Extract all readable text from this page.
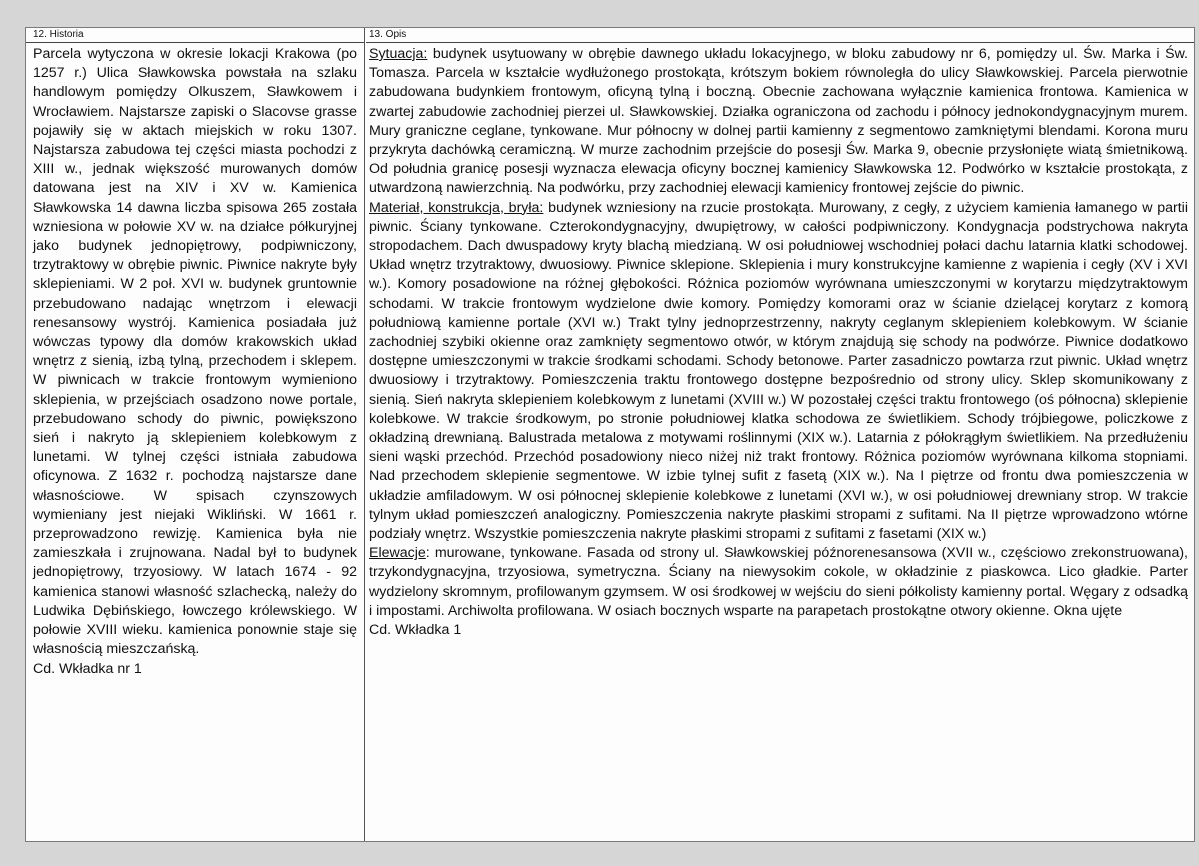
12. Historia

Parcela wytyczona w okresie lokacji Krakowa (po 1257 r.) Ulica Sławkowska powstała na szlaku handlowym pomiędzy Olkuszem, Sławkowem i Wrocławiem. Najstarsze zapiski o Slacovse grasse pojawiły się w aktach miejskich w roku 1307. Najstarsza zabudowa tej części miasta pochodzi z XIII w., jednak większość murowanych domów datowana jest na XIV i XV w. Kamienica Sławkowska 14 dawna liczba spisowa 265 została wzniesiona w połowie XV w. na działce półkuryjnej jako budynek jednopiętrowy, podpiwniczony, trzytraktowy w obrębie piwnic. Piwnice nakryte były sklepieniami. W 2 poł. XVI w. budynek gruntownie przebudowano nadając wnętrzom i elewacji renesansowy wystrój. Kamienica posiadała już wówczas typowy dla domów krakowskich układ wnętrz z sienią, izbą tylną, przechodem i sklepem. W piwnicach w trakcie frontowym wymieniono sklepienia, w przejściach osadzono nowe portale, przebudowano schody do piwnic, powiększono sień i nakryto ją sklepieniem kolebkowym z lunetami. W tylnej części istniała zabudowa oficynowa. Z 1632 r. pochodzą najstarsze dane własnościowe. W spisach czynszowych wymieniany jest niejaki Wikliński. W 1661 r. przeprowadzono rewizję. Kamienica była nie zamieszkała i zrujnowana. Nadal był to budynek jednopiętrowy, trzyosiowy. W latach 1674 - 92 kamienica stanowi własność szlachecką, należy do Ludwika Dębińskiego, łowczego królewskiego. W połowie XVIII wieku. kamienica ponownie staje się własnością mieszczańską.

Cd. Wkładka nr 1
13. Opis

Sytuacja: budynek usytuowany w obrębie dawnego układu lokacyjnego, w bloku zabudowy nr 6, pomiędzy ul. Św. Marka i Św. Tomasza. Parcela w kształcie wydłużonego prostokąta, krótszym bokiem równoległa do ulicy Sławkowskiej. Parcela pierwotnie zabudowana budynkiem frontowym, oficyną tylną i boczną. Obecnie zachowana wyłącznie kamienica frontowa. Kamienica w zwartej zabudowie zachodniej pierzei ul. Sławkowskiej. Działka ograniczona od zachodu i północy jednokondygnacyjnym murem. Mury graniczne ceglane, tynkowane. Mur północny w dolnej partii kamienny z segmentowo zamkniętymi blendami. Korona muru przykryta dachówką ceramiczną. W murze zachodnim przejście do posesji Św. Marka 9, obecnie przysłonięte wiatą śmietnikową. Od południa granicę posesji wyznacza elewacja oficyny bocznej kamienicy Sławkowska 12. Podwórko w kształcie prostokąta, z utwardzoną nawierzchnią. Na podwórku, przy zachodniej elewacji kamienicy frontowej zejście do piwnic.

Materiał, konstrukcja, bryła: budynek wzniesiony na rzucie prostokąta. Murowany, z cegły, z użyciem kamienia łamanego w partii piwnic. Ściany tynkowane. Czterokondygnacyjny, dwupiętrowy, w całości podpiwniczony. Kondygnacja podstrychowa nakryta stropodachem. Dach dwuspadowy kryty blachą miedzianą. W osi południowej wschodniej połaci dachu latarnia klatki schodowej. Układ wnętrz trzytraktowy, dwuosiowy. Piwnice sklepione. Sklepienia i mury konstrukcyjne kamienne z wapienia i cegły (XV i XVI w.). Komory posadowione na różnej głębokości. Różnica poziomów wyrównana umieszczonymi w korytarzu międzytraktowym schodami. W trakcie frontowym wydzielone dwie komory. Pomiędzy komorami oraz w ścianie dzielącej korytarz z komorą południową kamienne portale (XVI w.) Trakt tylny jednoprzestrzenny, nakryty ceglanym sklepieniem kolebkowym. W ścianie zachodniej szybiki okienne oraz zamknięty segmentowo otwór, w którym znajdują się schody na podwórze. Piwnice dodatkowo dostępne umieszczonymi w trakcie środkami schodami. Schody betonowe. Parter zasadniczo powtarza rzut piwnic. Układ wnętrz dwuosiowy i trzytraktowy. Pomieszczenia traktu frontowego dostępne bezpośrednio od strony ulicy. Sklep skomunikowany z sienią. Sień nakryta sklepieniem kolebkowym z lunetami (XVIII w.) W pozostałej części traktu frontowego (oś północna) sklepienie kolebkowe. W trakcie środkowym, po stronie południowej klatka schodowa ze świetlikiem. Schody trójbiegowe, policzkowe z okładziną drewnianą. Balustrada metalowa z motywami roślinnymi (XIX w.). Latarnia z półokrągłym świetlikiem. Na przedłużeniu sieni wąski przechód. Przechód posadowiony nieco niżej niż trakt frontowy. Różnica poziomów wyrównana kilkoma stopniami. Nad przechodem sklepienie segmentowe. W izbie tylnej sufit z fasetą (XIX w.). Na I piętrze od frontu dwa pomieszczenia w układzie amfiladowym. W osi północnej sklepienie kolebkowe z lunetami (XVI w.), w osi południowej drewniany strop. W trakcie tylnym układ pomieszczeń analogiczny. Pomieszczenia nakryte płaskimi stropami z sufitami. Na II piętrze wprowadzono wtórne podziały wnętrz. Wszystkie pomieszczenia nakryte płaskimi stropami z sufitami z fasetami (XIX w.)

Elewacje: murowane, tynkowane. Fasada od strony ul. Sławkowskiej późnorenesansowa (XVII w., częściowo zrekonstruowana), trzykondygnacyjna, trzyosiowa, symetryczna. Ściany na niewysokim cokole, w okładzinie z piaskowca. Lico gładkie. Parter wydzielony skromnym, profilowanym gzymsem. W osi środkowej w wejściu do sieni półkolisty kamienny portal. Węgary z odsadką i impostami. Archiwolta profilowana. W osiach bocznych wsparte na parapetach prostokątne otwory okienne. Okna ujęte

Cd. Wkładka 1
